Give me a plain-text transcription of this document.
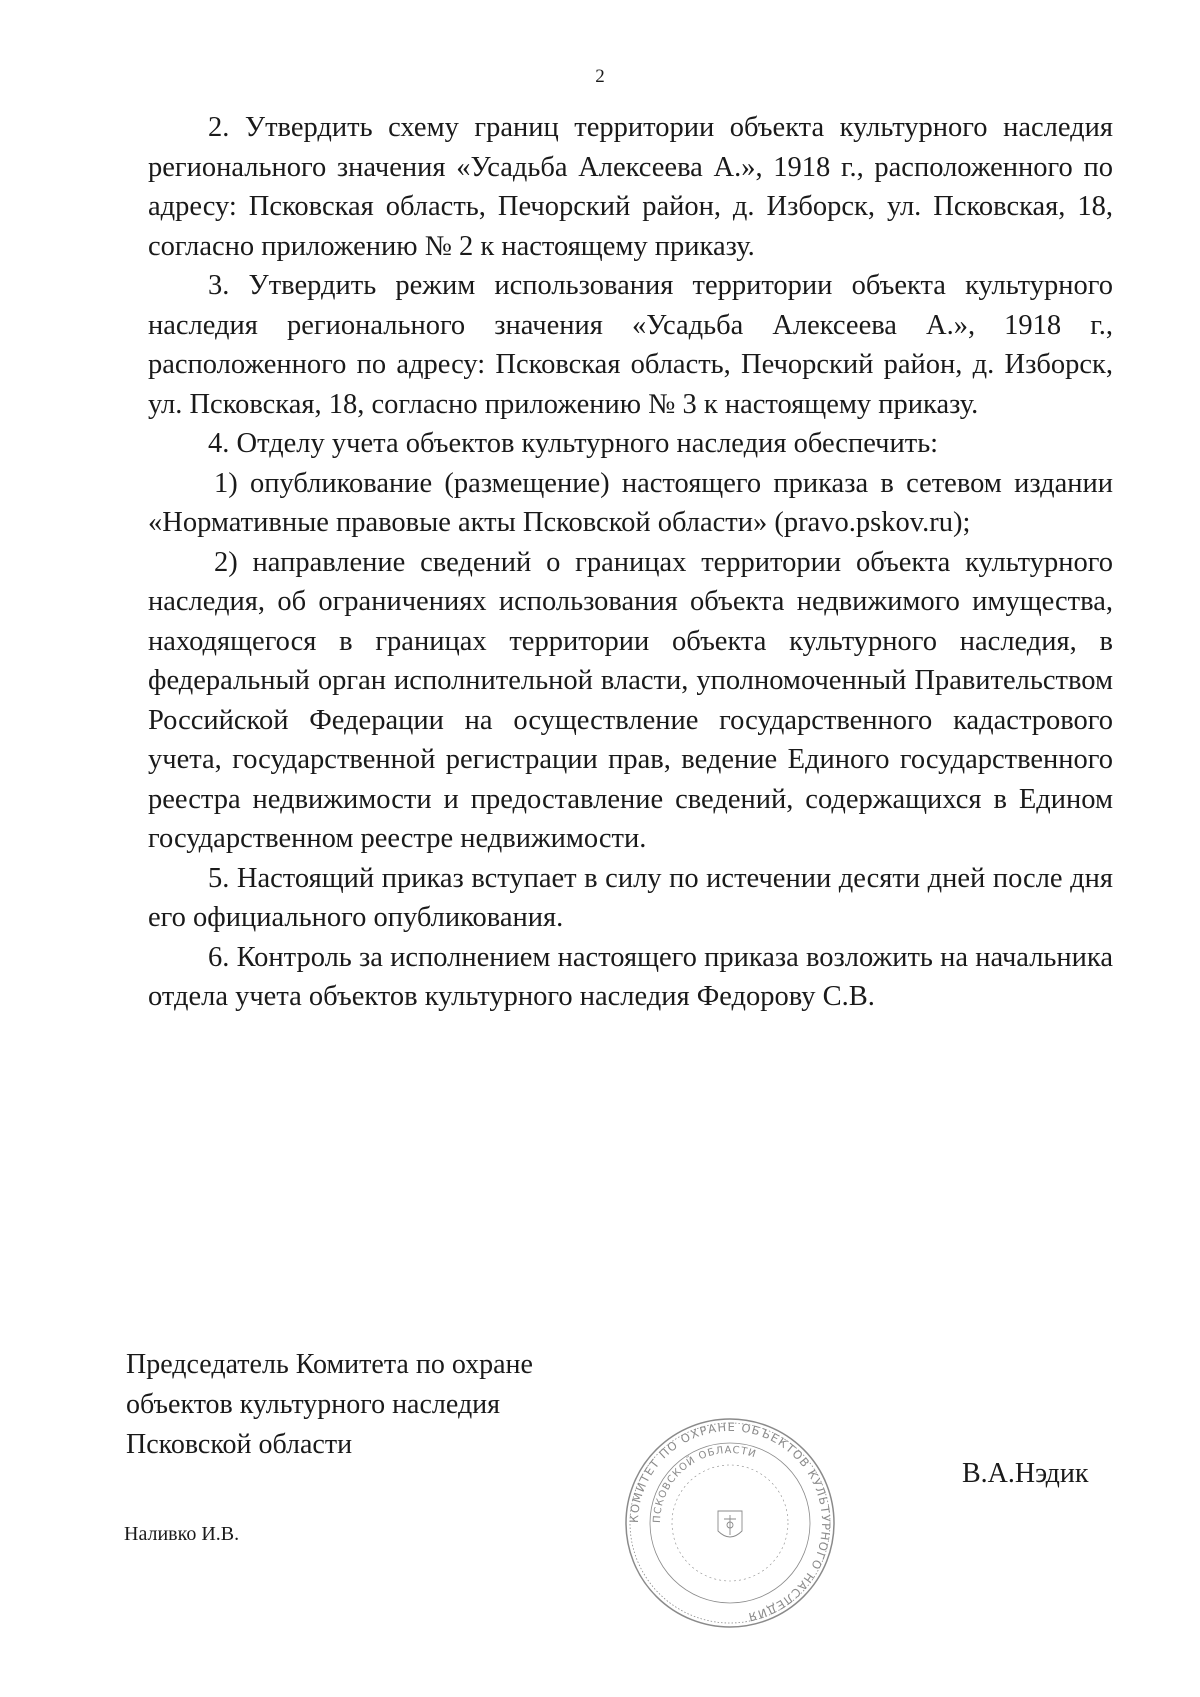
2

2. Утвердить схему границ территории объекта культурного наследия регионального значения «Усадьба Алексеева А.», 1918 г., расположенного по адресу: Псковская область, Печорский район, д. Изборск, ул. Псковская, 18, согласно приложению № 2 к настоящему приказу.

3. Утвердить режим использования территории объекта культурного наследия регионального значения «Усадьба Алексеева А.», 1918 г., расположенного по адресу: Псковская область, Печорский район, д. Изборск, ул. Псковская, 18, согласно приложению № 3 к настоящему приказу.

4. Отделу учета объектов культурного наследия обеспечить:

1) опубликование (размещение) настоящего приказа в сетевом издании «Нормативные правовые акты Псковской области» (pravo.pskov.ru);

2) направление сведений о границах территории объекта культурного наследия, об ограничениях использования объекта недвижимого имущества, находящегося в границах территории объекта культурного наследия, в федеральный орган исполнительной власти, уполномоченный Правительством Российской Федерации на осуществление государственного кадастрового учета, государственной регистрации прав, ведение Единого государственного реестра недвижимости и предоставление сведений, содержащихся в Едином государственном реестре недвижимости.

5. Настоящий приказ вступает в силу по истечении десяти дней после дня его официального опубликования.

6. Контроль за исполнением настоящего приказа возложить на начальника отдела учета объектов культурного наследия Федорову С.В.

Председатель Комитета по охране
объектов культурного наследия
Псковской области
КОМИТЕТ ПО ОХРАНЕ ОБЪЕКТОВ КУЛЬТУРНОГО НАСЛЕДИЯ
ПСКОВСКОЙ ОБЛАСТИ
В.А.Нэдик
Наливко И.В.
